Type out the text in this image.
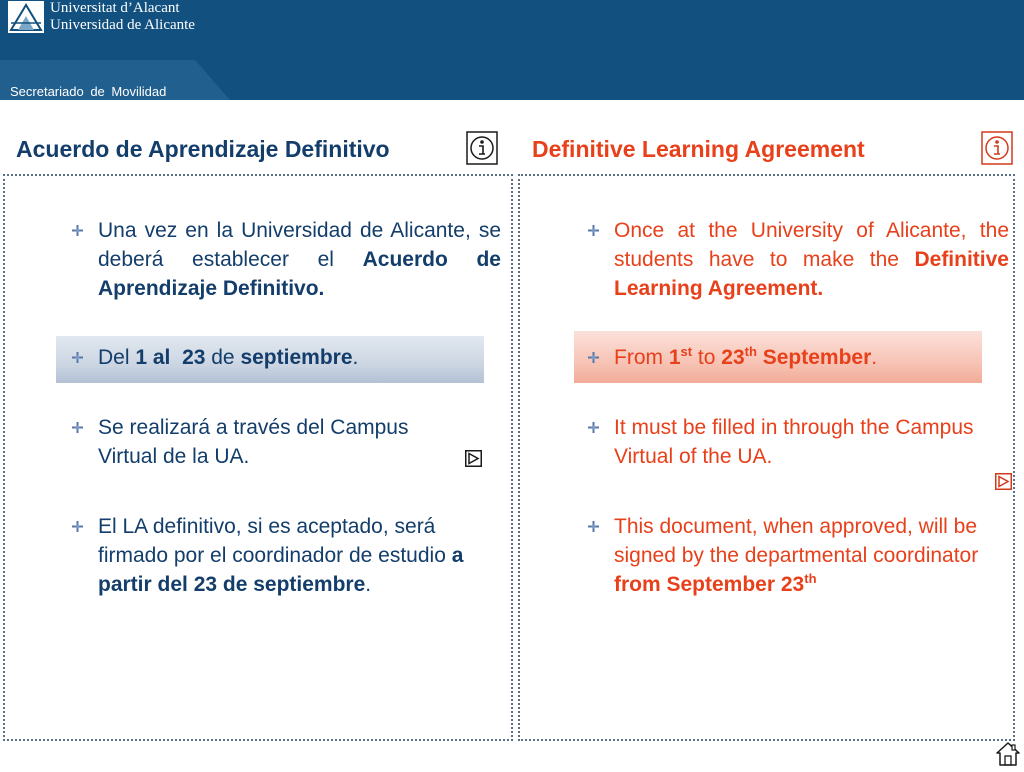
Universitat d’Alacant
Universidad de Alicante
Secretariado de Movilidad
Acuerdo de Aprendizaje Definitivo	Definitive Learning Agreement
Una vez en la Universidad de Alicante, se deberá establecer el Acuerdo de Aprendizaje Definitivo.
Del 1 al 23 de septiembre.
Se realizará a través del Campus Virtual de la UA.
El LA definitivo, si es aceptado, será firmado por el coordinador de estudio a partir del 23 de septiembre.
Once at the University of Alicante, the students have to make the Definitive Learning Agreement.
From 1st to 23th September.
It must be filled in through the Campus Virtual of the UA.
This document, when approved, will be signed by the departmental coordinator from September 23th
